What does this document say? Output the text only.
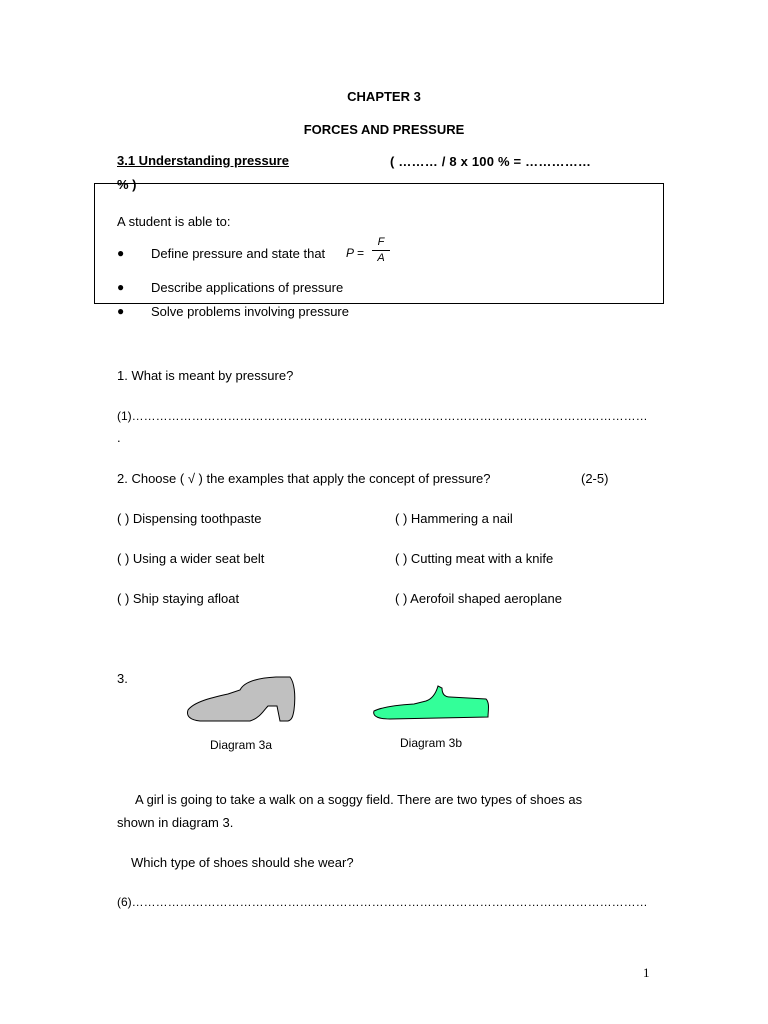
CHAPTER 3
FORCES AND PRESSURE
3.1 Understanding pressure	( ……… / 8 x 100 % = ……………
% )
A student is able to:
● Define pressure and state that P =
F
A
● Describe applications of pressure
● Solve problems involving pressure
1. What is meant by pressure?
(1)…………………………………………………………………………………………………………………
.
2. Choose ( √ ) the examples that apply the concept of pressure?	(2-5)
( ) Dispensing toothpaste	( ) Hammering a nail
( ) Using a wider seat belt	( ) Cutting meat with a knife
( ) Ship staying afloat	( ) Aerofoil shaped aeroplane
3.
Diagram 3a	Diagram 3b
A girl is going to take a walk on a soggy field. There are two types of shoes as
shown in diagram 3.
Which type of shoes should she wear?
(6)…………………………………………………………………………………………………………………
1
